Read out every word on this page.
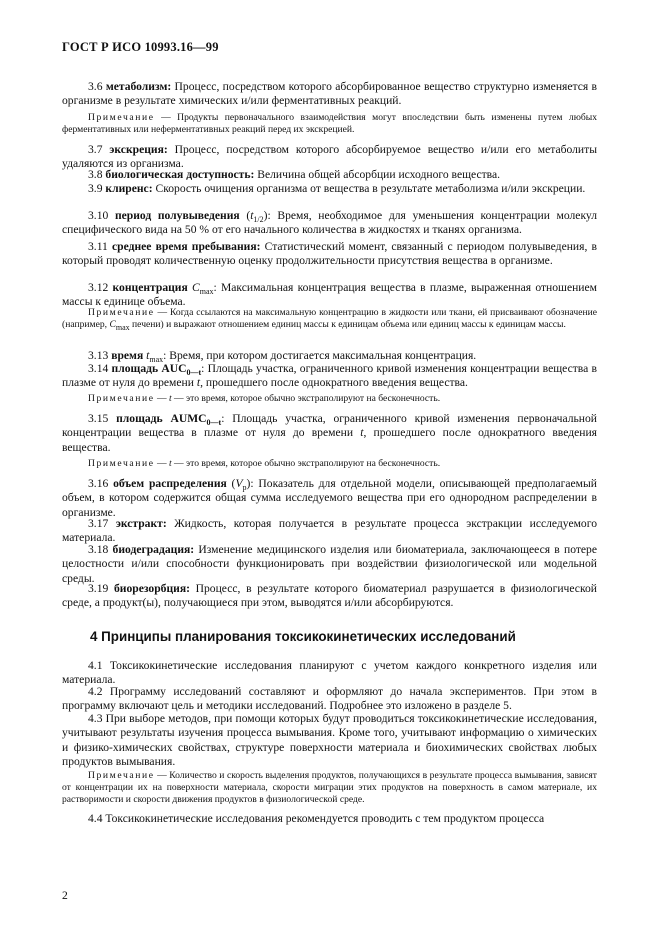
ГОСТ Р ИСО 10993.16—99
3.6 метаболизм: Процесс, посредством которого абсорбированное вещество структурно изменяется в организме в результате химических и/или ферментативных реакций.
Примечание — Продукты первоначального взаимодействия могут впоследствии быть изменены путем любых ферментативных или неферментативных реакций перед их экскрецией.
3.7 экскреция: Процесс, посредством которого абсорбируемое вещество и/или его метаболиты удаляются из организма.
3.8 биологическая доступность: Величина общей абсорбции исходного вещества.
3.9 клиренс: Скорость очищения организма от вещества в результате метаболизма и/или экскреции.
3.10 период полувыведения $(t_{1/2})$: Время, необходимое для уменьшения концентрации молекул специфического вида на 50 % от его начального количества в жидкостях и тканях организма.
3.11 среднее время пребывания: Статистический момент, связанный с периодом полувыведения, в который проводят количественную оценку продолжительности присутствия вещества в организме.
3.12 концентрация $C_{max}$: Максимальная концентрация вещества в плазме, выраженная отношением массы к единице объема.
Примечание — Когда ссылаются на максимальную концентрацию в жидкости или ткани, ей присваивают обозначение (например, $C_{max}$ печени) и выражают отношением единиц массы к единицам объема или единиц массы к единицам массы.
3.13 время $t_{max}$: Время, при котором достигается максимальная концентрация.
3.14 площадь $AUC_{0—t}$: Площадь участка, ограниченного кривой изменения концентрации вещества в плазме от нуля до времени t, прошедшего после однократного введения вещества.
Примечание — t — это время, которое обычно экстраполируют на бесконечность.
3.15 площадь $AUMC_{0—t}$: Площадь участка, ограниченного кривой изменения первоначальной концентрации вещества в плазме от нуля до времени t, прошедшего после однократного введения вещества.
Примечание — t — это время, которое обычно экстраполируют на бесконечность.
3.16 объем распределения $(V_p)$: Показатель для отдельной модели, описывающей предполагаемый объем, в котором содержится общая сумма исследуемого вещества при его однородном распределении в организме.
3.17 экстракт: Жидкость, которая получается в результате процесса экстракции исследуемого материала.
3.18 биодеградация: Изменение медицинского изделия или биоматериала, заключающееся в потере целостности и/или способности функционировать при воздействии физиологической или модельной среды.
3.19 биорезорбция: Процесс, в результате которого биоматериал разрушается в физиологической среде, а продукт(ы), получающиеся при этом, выводятся и/или абсорбируются.
4 Принципы планирования токсикокинетических исследований
4.1 Токсикокинетические исследования планируют с учетом каждого конкретного изделия или материала.
4.2 Программу исследований составляют и оформляют до начала экспериментов. При этом в программу включают цель и методики исследований. Подробнее это изложено в разделе 5.
4.3 При выборе методов, при помощи которых будут проводиться токсикокинетические исследования, учитывают результаты изучения процесса вымывания. Кроме того, учитывают информацию о химических и физико-химических свойствах, структуре поверхности материала и биохимических свойствах любых продуктов вымывания.
Примечание — Количество и скорость выделения продуктов, получающихся в результате процесса вымывания, зависят от концентрации их на поверхности материала, скорости миграции этих продуктов на поверхность в самом материале, их растворимости и скорости движения продуктов в физиологической среде.
4.4 Токсикокинетические исследования рекомендуется проводить с тем продуктом процесса
2
